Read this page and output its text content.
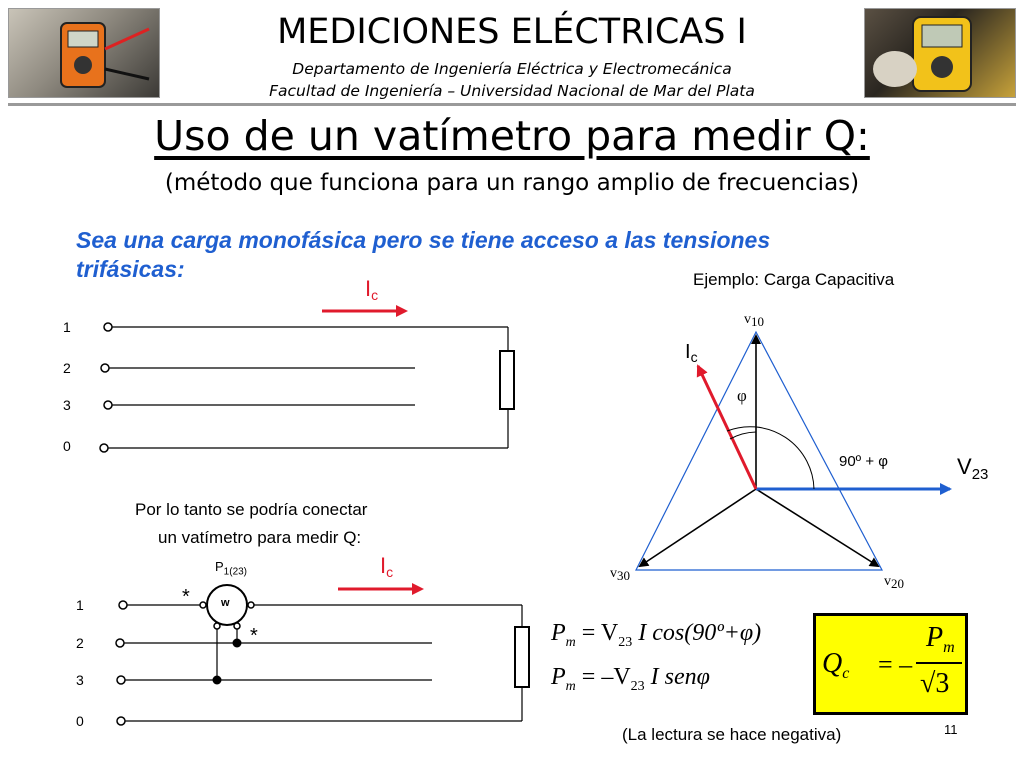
MEDICIONES ELÉCTRICAS I
Departamento de Ingeniería Eléctrica y Electromecánica
Facultad de Ingeniería – Universidad Nacional de Mar del Plata
Uso de un vatímetro para medir Q:
(método que funciona para un rango amplio de frecuencias)
Sea una carga monofásica pero se tiene acceso a las tensiones
trifásicas:	Ejemplo: Carga Capacitiva
$I_c$
1
2
3
0
Por lo tanto se podría conectar
un vatímetro para medir Q:
$I_c$
w
$P_{1(23)}$
*
*
1
2
3
0
v10
v30	v20
$V_{23}$
$I_c$
φ
90º + φ
$P_m = V_{23}$ I cos(90º+φ)
$P_m = -V_{23}$ I senφ	$Q_c$ = –
$P_m$
√3
(La lectura se hace negativa)	11
